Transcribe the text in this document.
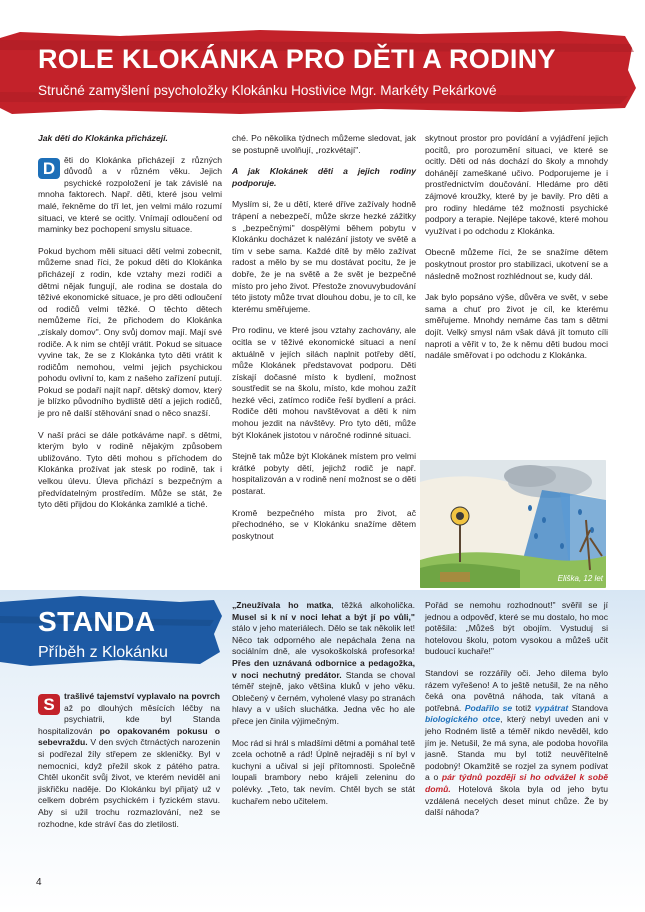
ROLE KLOKÁNKA PRO DĚTI A RODINY
Stručné zamyšlení psycholožky Klokánku Hostivice Mgr. Markéty Pekárkové

Jak děti do Klokánka přicházejí.

D	ěti do Klokánka přicházejí z různých důvodů a v různém věku. Jejich psychické rozpoložení je tak závislé na mnoha faktorech. Např. děti, které jsou velmi malé, řekněme do tří let, jen velmi málo rozumí situaci, ve které se ocitly. Vnímají odloučení od maminky bez pochopení smyslu situace.

Pokud bychom měli situaci dětí velmi zobecnit, můžeme snad říci, že pokud děti do Klokánka přicházejí z rodin, kde vztahy mezi rodiči a dětmi nějak fungují, ale rodina se dostala do těživé ekonomické situace, je pro děti odloučení od rodičů velmi těžké. O těchto dětech nemůžeme říci, že přichodem do Klokánka „získaly domov". Ony svůj domov mají. Mají své rodiče. A k nim se chtějí vrátit. Pokud se situace vyvine tak, že se z Klokánka tyto děti vrátit k rodičům nemohou, velmi jejich psychickou pohodu ovlivní to, kam z našeho zařízení putují. Pokud se podaří najít např. dětský domov, který je blízko původního bydliště dětí a jejich rodičů, je pro ně další stěhování snad o něco snazší.

V naší práci se dále potkáváme např. s dětmi, kterým bylo v rodině nějakým způsobem ubližováno. Tyto děti mohou s příchodem do Klokánka prožívat jak stesk po rodině, tak i velkou úlevu. Úleva přichází s bezpečným a předvídatelným prostředím. Může se stát, že tyto děti přijdou do Klokánka zamlklé a tiché.

ché. Po několika týdnech můžeme sledovat, jak se postupně uvolňují, „rozkvétají".

A jak Klokánek děti a jejich rodiny podporuje.

Myslím si, že u dětí, které dříve zažívaly hodně trápení a nebezpečí, může skrze hezké zážitky s „bezpečnými" dospělými během pobytu v Klokánku docházet k nalézání jistoty ve světě a tím v sebe sama. Každé dítě by mělo zažívat radost a mělo by se mu dostávat pocitu, že je dobře, že je na světě a že svět je bezpečné místo pro jeho život. Přestože znovuvybudování této jistoty může trvat dlouhou dobu, je to cíl, ke kterému směřujeme.

Pro rodinu, ve které jsou vztahy zachovány, ale ocitla se v těživé ekonomické situaci a není aktuálně v jejích silách naplnit potřeby dětí, může Klokánek představovat podporu. Děti získají dočasné místo k bydlení, možnost soustředit se na školu, místo, kde mohou zažít hezké věci, zatímco rodiče řeší bydlení a práci. Rodiče děti mohou navštěvovat a děti k nim mohou jezdit na návštěvy. Pro tyto děti, může být Klokánek jistotou v náročné rodinné situaci.

Stejně tak může být Klokánek místem pro velmi krátké pobyty dětí, jejichž rodič je např. hospitalizován a v rodině není možnost se o děti postarat.

Kromě bezpečného místa pro život, ač přechodného, se v Klokánku snažíme dětem poskytnout

skytnout prostor pro povídání a vyjádření jejich pocitů, pro porozumění situaci, ve které se ocitly. Děti od nás dochází do školy a mnohdy dohánějí zameškané učivo. Podporujeme je i prostřednictvím doučování. Hledáme pro děti zájmové kroužky, které by je bavily. Pro děti a pro rodiny hledáme též možnosti psychické podpory a terapie. Nejlépe takové, které mohou využívat i po odchodu z Klokánka.

Obecně můžeme říci, že se snažíme dětem poskytnout prostor pro stabilizaci, ukotvení se a následně možnost rozhlédnout se, kudy dál.

Jak bylo popsáno výše, důvěra ve svět, v sebe sama a chuť pro život je cíl, ke kterému směřujeme. Mnohdy nemáme čas tam s dětmi dojít. Velký smysl nám však dává jít tomuto cíli naproti a věřit v to, že k němu děti budou moci nadále směřovat i po odchodu z Klokánka.

Eliška, 12 let
STANDA
Příběh z Klokánku

S	trašlivé tajemství vyplavalo na povrch až po dlouhých měsících léčby na psychiatrii, kde byl Standa hospitalizován po opakovaném pokusu o sebevraždu. V den svých čtrnáctých narozenin si podřezal žíly střepem ze skleničky. Byl v nemocnici, když přežil skok z pátého patra. Chtěl ukončit svůj život, ve kterém neviděl ani jiskřičku naděje. Do Klokánku byl přijatý už v celkem dobrém psychickém i fyzickém stavu. Aby si užil trochu rozmazlování, než se rozhodne, kde stráví čas do zletilosti.

„Zneužívala ho matka, těžká alkoholička. Musel si k ní v noci lehat a být jí po vůli," stálo v jeho materiálech. Dělo se tak několik let! Něco tak odporného ale nepáchala žena na sociálním dně, ale vysokoškolská profesorka! Přes den uznávaná odbornice a pedagožka, v noci nechutný predátor. Standa se choval téměř stejně, jako většina kluků v jeho věku. Oblečený v černém, vyholené vlasy po stranách hlavy a v uších sluchátka. Jedna věc ho ale přece jen činila výjimečným.

Moc rád si hrál s mladšími dětmi a pomáhal tetě zcela ochotně a rád! Úplně nejraději s ní byl v kuchyni a učival si její přítomnosti. Společně loupali brambory nebo krájeli zeleninu do polévky. „Teto, tak nevím. Chtěl bych se stát kuchařem nebo učitelem.

Pořád se nemohu rozhodnout!" svěřil se jí jednou a odpověď, které se mu dostalo, ho moc potěšila: „Můžeš být obojím. Vystuduj si hotelovou školu, potom vysokou a můžeš učit budoucí kuchaře!"

Standovi se rozzářily oči. Jeho dilema bylo rázem vyřešeno! A to ještě netušil, že na něho čeká ona povětná náhoda, tak vítaná a potřebná. Podařilo se totiž vypátrat Standova biologického otce, který nebyl uveden ani v jeho Rodném listě a téměř nikdo nevěděl, kdo jím je. Netušil, že má syna, ale podoba hovořila jasně. Standa mu byl totiž neuvěřitelně podobný! Okamžitě se rozjel za synem podívat a o pár týdnů později si ho odvážel k sobě domů. Hotelová škola byla od jeho bytu vzdálená necelých deset minut chůze. Že by další náhoda?

4
